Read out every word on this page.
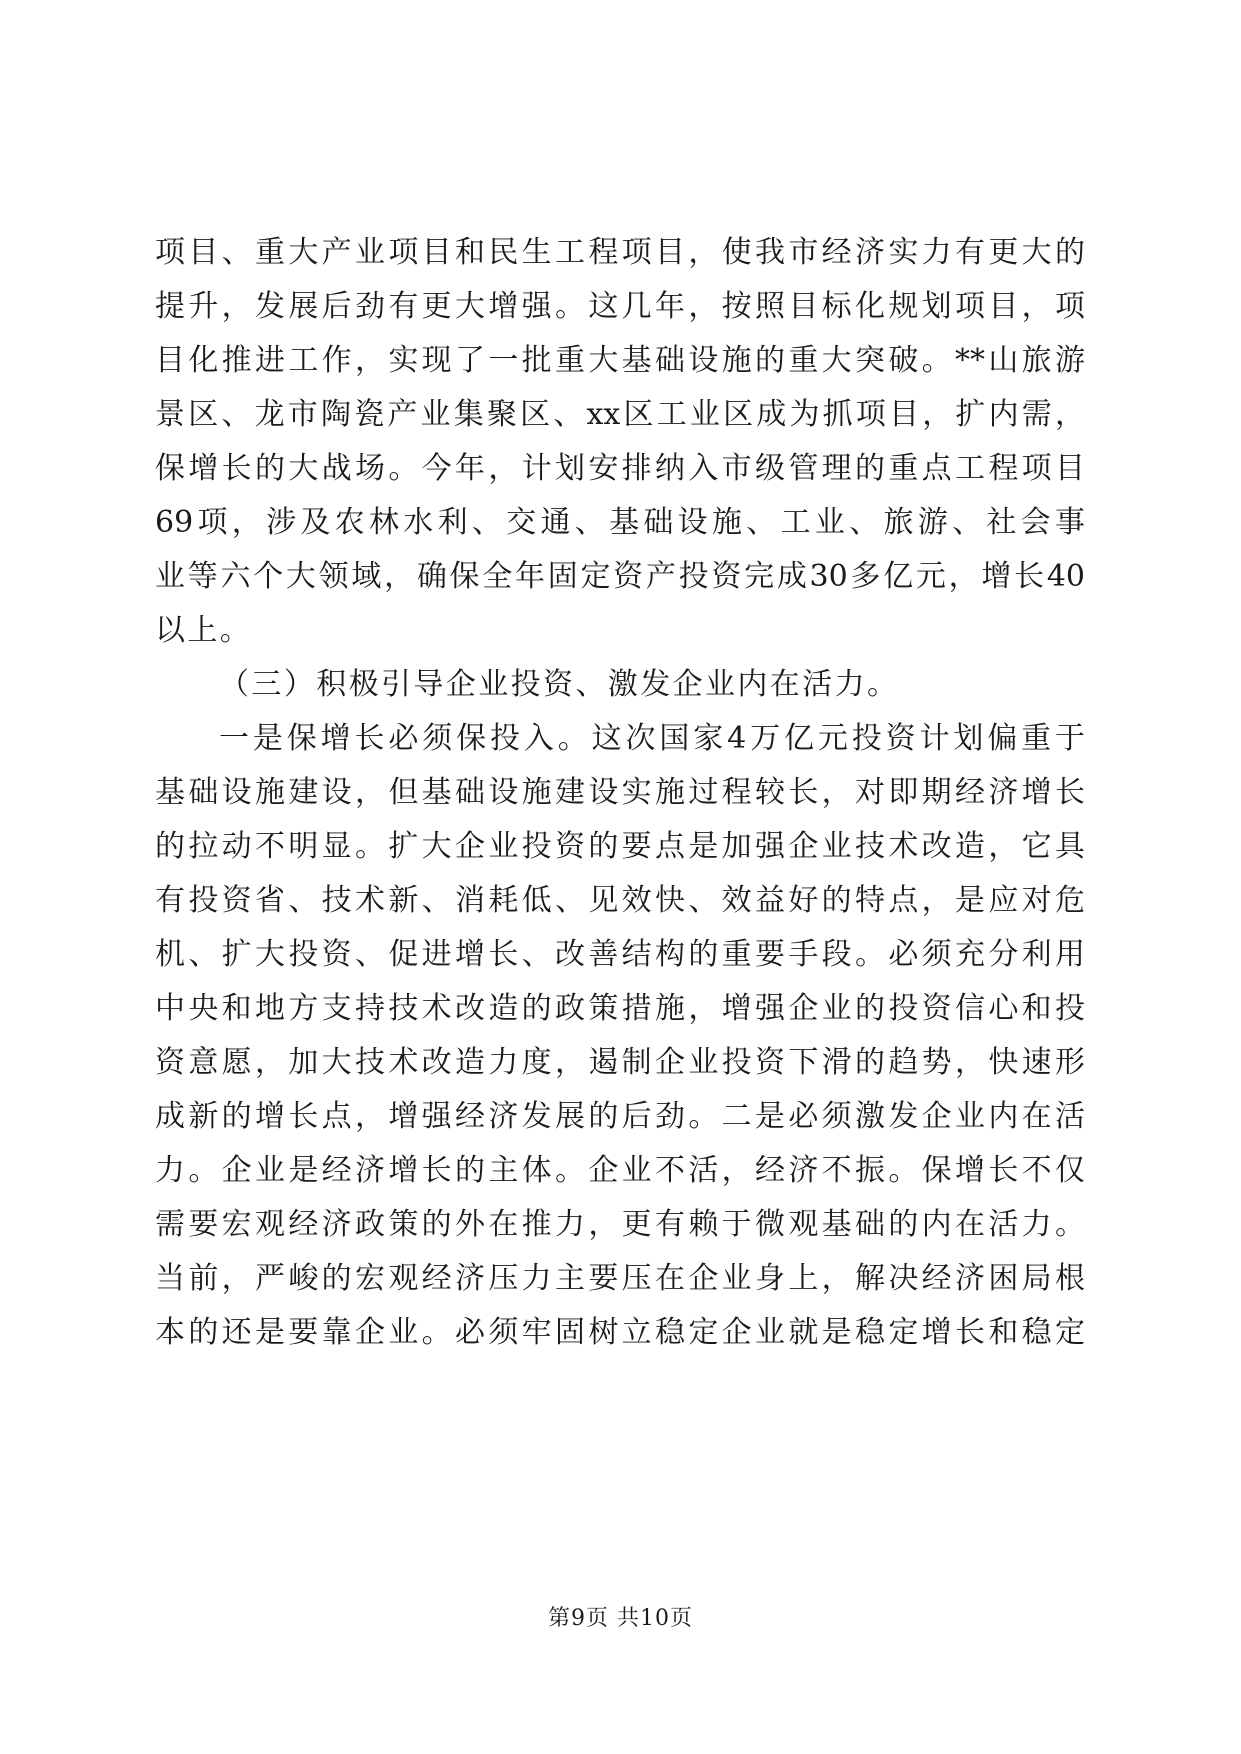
项目、重大产业项目和民生工程项目，使我市经济实力有更大的
提升，发展后劲有更大增强。这几年，按照目标化规划项目，项
目化推进工作，实现了一批重大基础设施的重大突破。**山旅游
景区、龙市陶瓷产业集聚区、xx区工业区成为抓项目，扩内需，
保增长的大战场。今年，计划安排纳入市级管理的重点工程项目
69项，涉及农林水利、交通、基础设施、工业、旅游、社会事
业等六个大领域，确保全年固定资产投资完成30多亿元，增长40
以上。
（三）积极引导企业投资、激发企业内在活力。
一是保增长必须保投入。这次国家4万亿元投资计划偏重于
基础设施建设，但基础设施建设实施过程较长，对即期经济增长
的拉动不明显。扩大企业投资的要点是加强企业技术改造，它具
有投资省、技术新、消耗低、见效快、效益好的特点，是应对危
机、扩大投资、促进增长、改善结构的重要手段。必须充分利用
中央和地方支持技术改造的政策措施，增强企业的投资信心和投
资意愿，加大技术改造力度，遏制企业投资下滑的趋势，快速形
成新的增长点，增强经济发展的后劲。二是必须激发企业内在活
力。企业是经济增长的主体。企业不活，经济不振。保增长不仅
需要宏观经济政策的外在推力，更有赖于微观基础的内在活力。
当前，严峻的宏观经济压力主要压在企业身上，解决经济困局根
本的还是要靠企业。必须牢固树立稳定企业就是稳定增长和稳定
第9页 共10页
